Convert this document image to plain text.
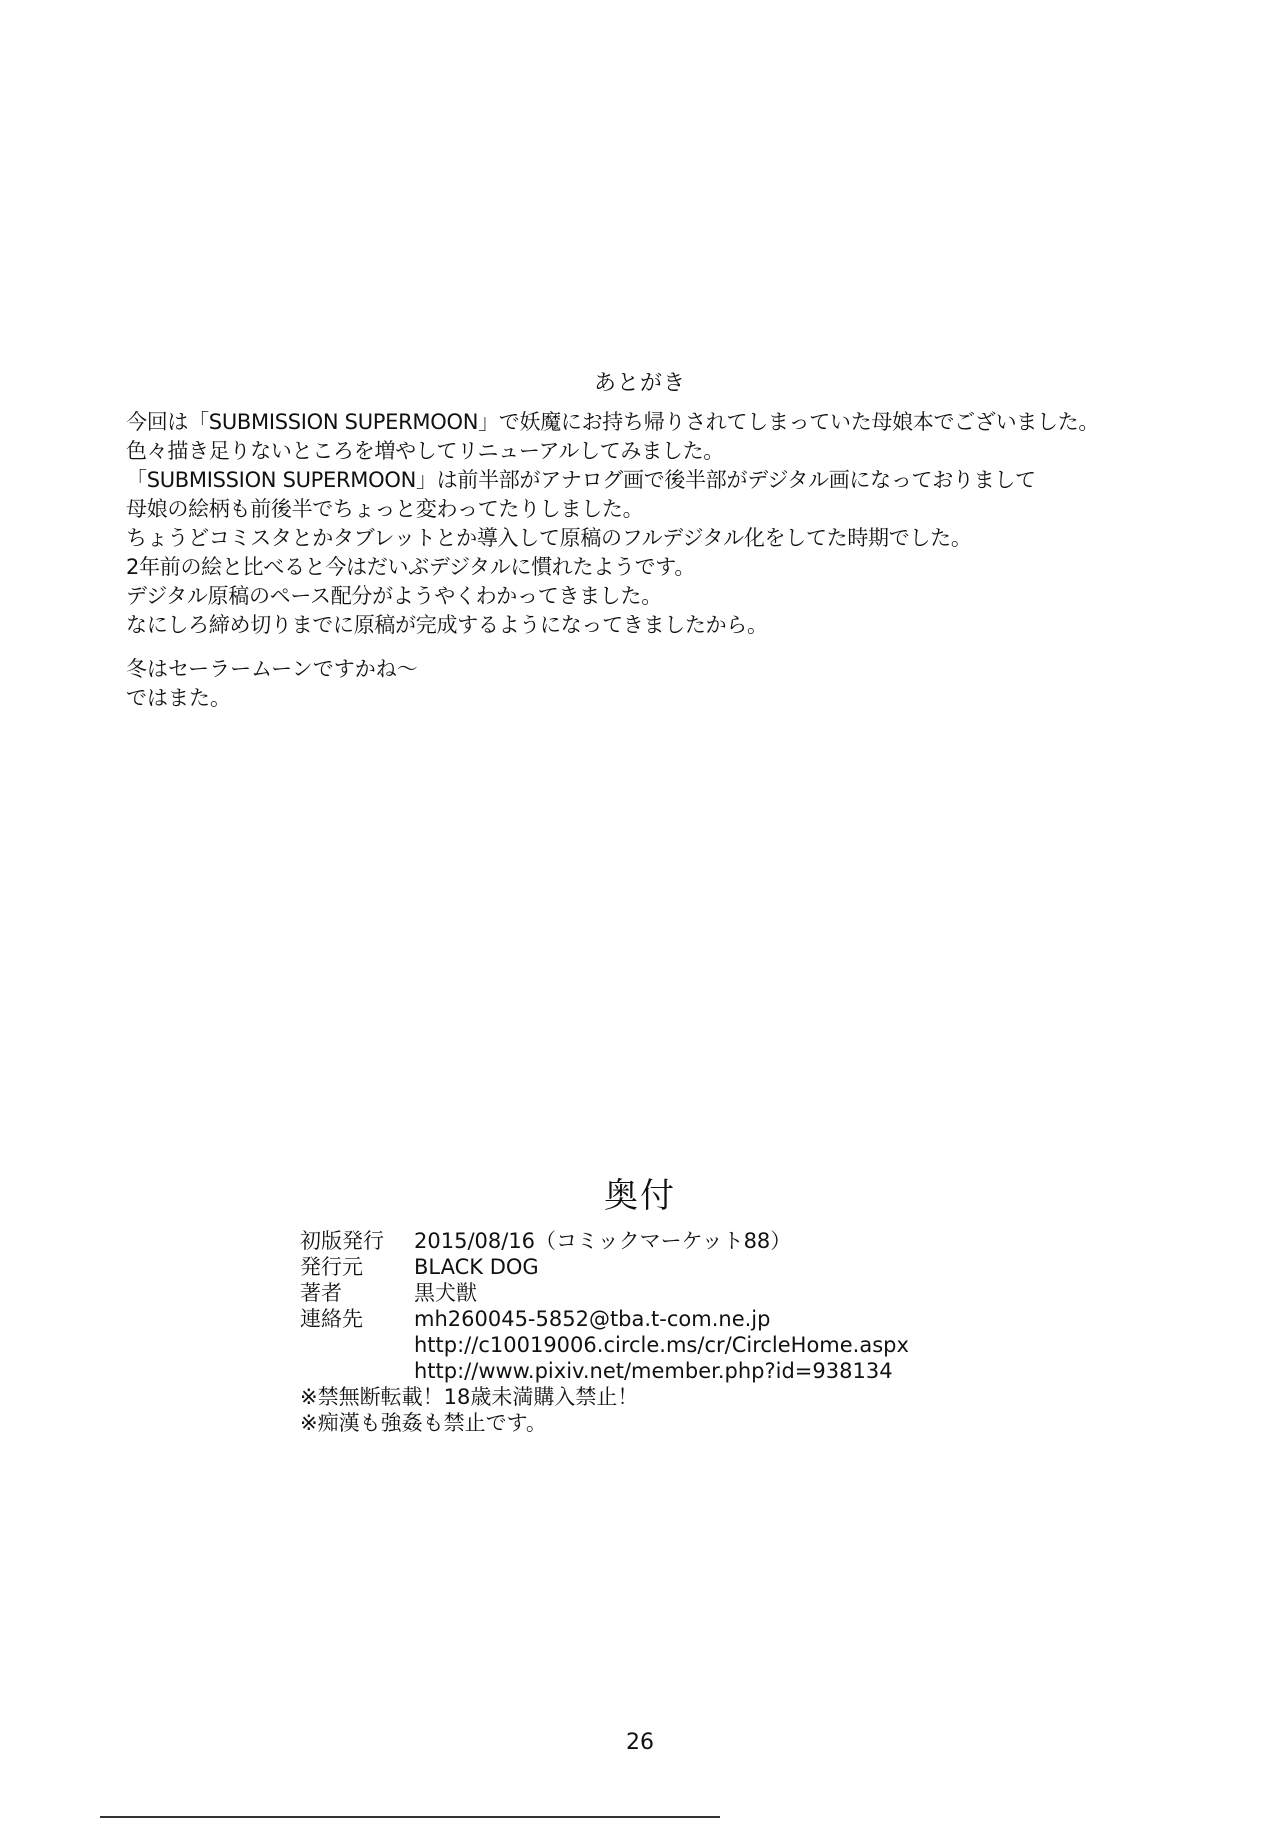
あとがき
今回は「SUBMISSION SUPERMOON」で妖魔にお持ち帰りされてしまっていた母娘本でございました。
色々描き足りないところを増やしてリニューアルしてみました。
「SUBMISSION SUPERMOON」は前半部がアナログ画で後半部がデジタル画になっておりまして
母娘の絵柄も前後半でちょっと変わってたりしました。
ちょうどコミスタとかタブレットとか導入して原稿のフルデジタル化をしてた時期でした。
2年前の絵と比べると今はだいぶデジタルに慣れたようです。
デジタル原稿のペース配分がようやくわかってきました。
なにしろ締め切りまでに原稿が完成するようになってきましたから。
冬はセーラームーンですかね～
ではまた。
奥付
初版発行	2015/08/16（コミックマーケット88）
発行元	BLACK DOG
著者	黒犬獣
連絡先	mh260045-5852@tba.t-com.ne.jp
http://c10019006.circle.ms/cr/CircleHome.aspx
http://www.pixiv.net/member.php?id=938134
※禁無断転載！18歳未満購入禁止！
※痴漢も強姦も禁止です。
26
